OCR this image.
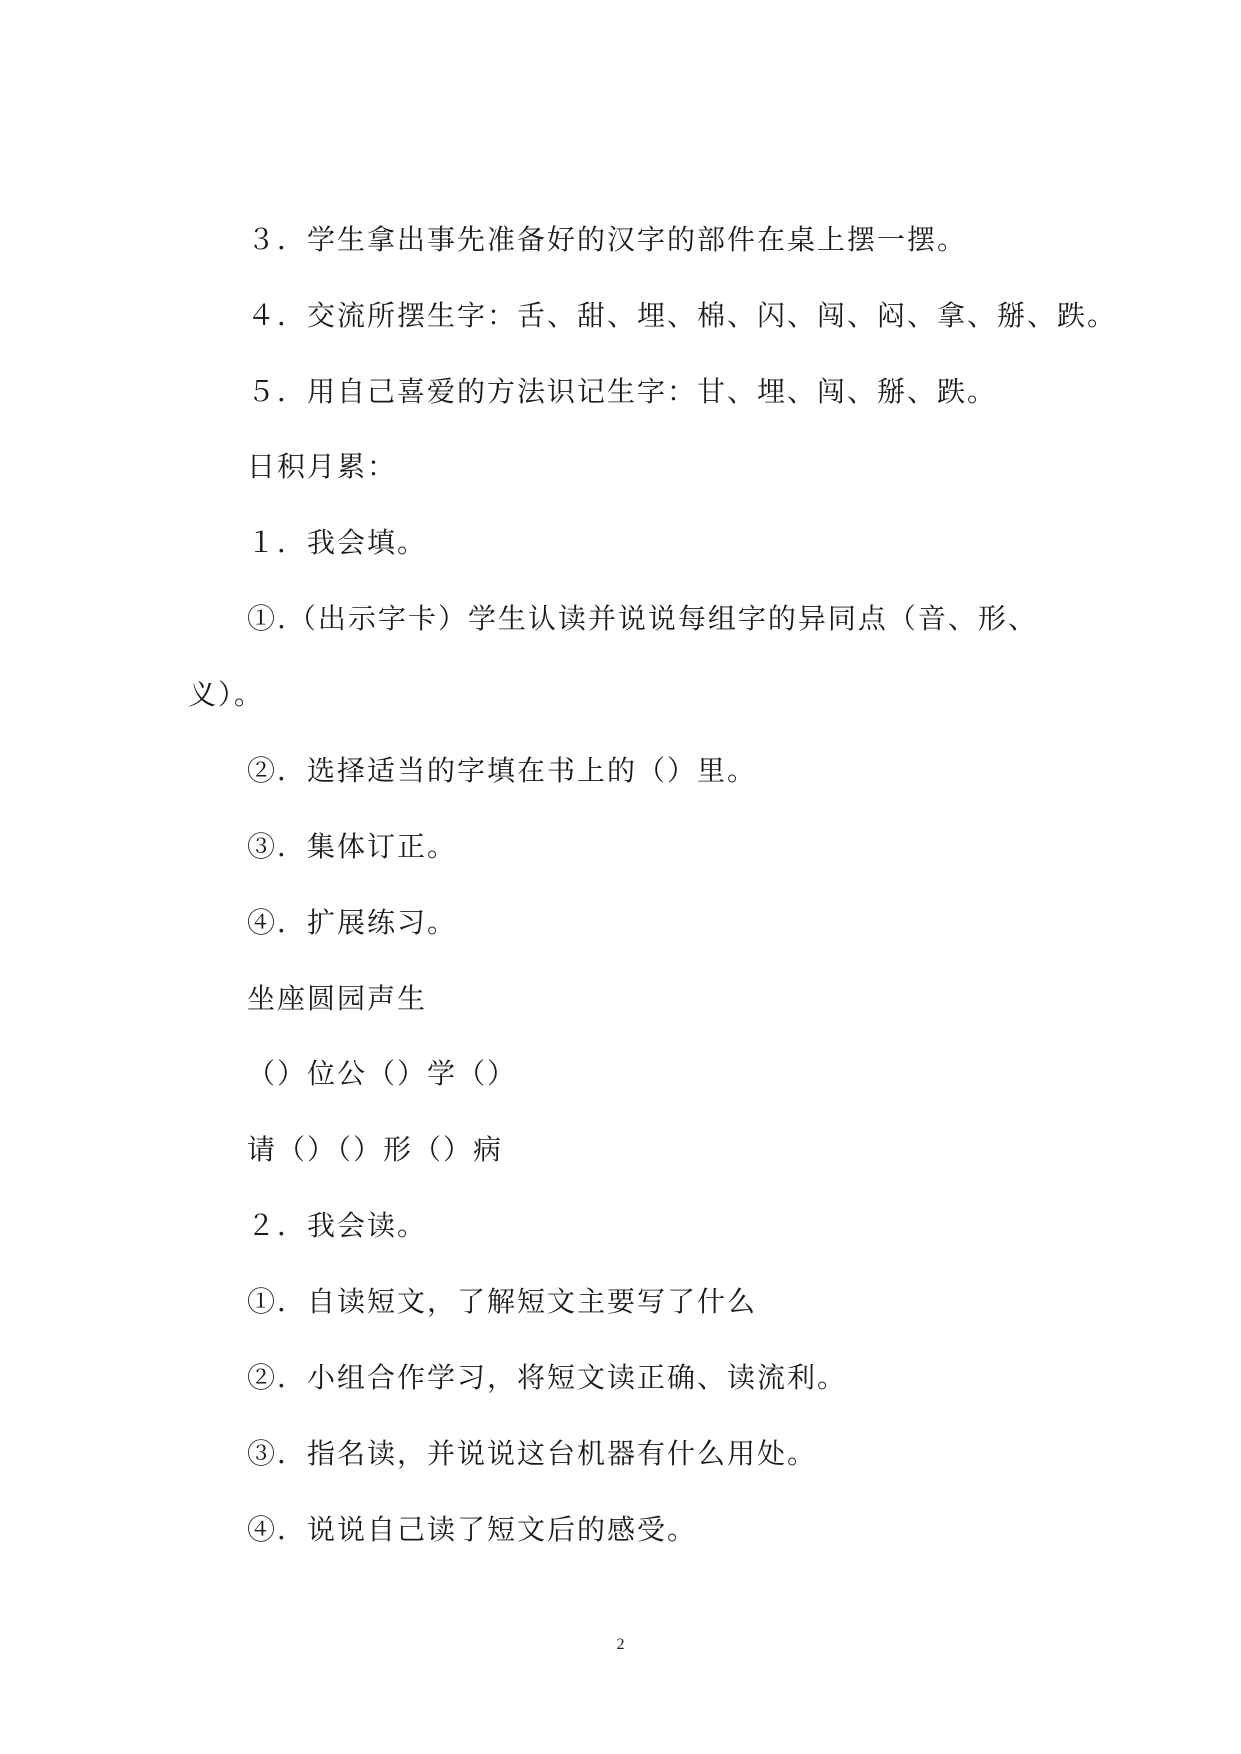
３．学生拿出事先准备好的汉字的部件在桌上摆一摆。
４．交流所摆生字：舌、甜、埋、棉、闪、闯、闷、拿、掰、跌。
５．用自己喜爱的方法识记生字：甘、埋、闯、掰、跌。
日积月累：
１．我会填。
①.（出示字卡）学生认读并说说每组字的异同点（音、形、
义）。
②．选择适当的字填在书上的（）里。
③．集体订正。
④．扩展练习。
坐座圆园声生
（）位公（）学（）
请（）（）形（）病
２．我会读。
①．自读短文，了解短文主要写了什么
②．小组合作学习，将短文读正确、读流利。
③．指名读，并说说这台机器有什么用处。
④．说说自己读了短文后的感受。
2
